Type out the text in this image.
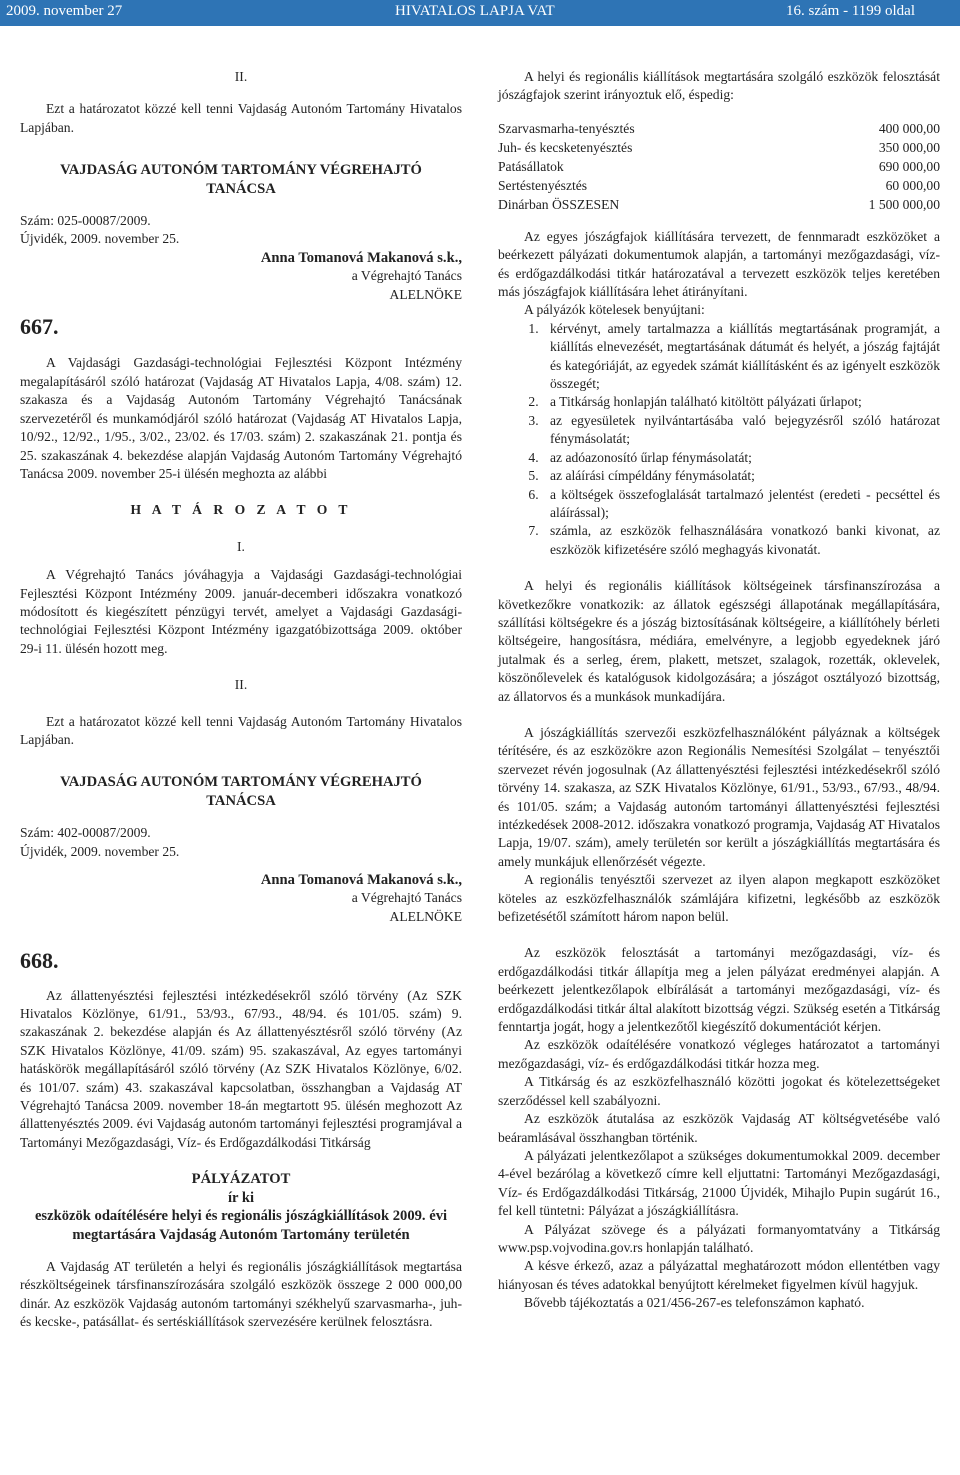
2009. november 27	HIVATALOS LAPJA VAT	16. szám - 1199 oldal

II.

Ezt a határozatot közzé kell tenni Vajdaság Autonóm Tartomány Hivatalos Lapjában.

VAJDASÁG AUTONÓM TARTOMÁNY VÉGREHAJTÓ

TANÁCSA

Szám: 025-00087/2009.

Újvidék, 2009. november 25.

Anna Tomanová Makanová s.k.,

a Végrehajtó Tanács

ALELNÖKE

667.

A Vajdasági Gazdasági-technológiai Fejlesztési Központ Intézmény megalapításáról szóló határozat (Vajdaság AT Hivatalos Lapja, 4/08. szám) 12. szakasza és a Vajdaság Autonóm Tartomány Végrehajtó Tanácsának szervezetéről és munkamódjáról szóló határozat (Vajdaság AT Hivatalos Lapja, 10/92., 12/92., 1/95., 3/02., 23/02. és 17/03. szám) 2. szakaszának 21. pontja és 25. szakaszának 4. bekezdése alapján Vajdaság Autonóm Tartomány Végrehajtó Tanácsa 2009. november 25-i ülésén meghozta az alábbi

H A T Á R O Z A T O T

I.

A Végrehajtó Tanács jóváhagyja a Vajdasági Gazdasági-technológiai Fejlesztési Központ Intézmény 2009. január-decemberi időszakra vonatkozó módosított és kiegészített pénzügyi tervét, amelyet a Vajdasági Gazdasági-technológiai Fejlesztési Központ Intézmény igazgatóbizottsága 2009. október 29-i 11. ülésén hozott meg.

II.

Ezt a határozatot közzé kell tenni Vajdaság Autonóm Tartomány Hivatalos Lapjában.

VAJDASÁG AUTONÓM TARTOMÁNY VÉGREHAJTÓ

TANÁCSA

Szám: 402-00087/2009.

Újvidék, 2009. november 25.

Anna Tomanová Makanová s.k.,

a Végrehajtó Tanács

ALELNÖKE

668.

Az állattenyésztési fejlesztési intézkedésekről szóló törvény (Az SZK Hivatalos Közlönye, 61/91., 53/93., 67/93., 48/94. és 101/05. szám) 9. szakaszának 2. bekezdése alapján és Az állattenyésztésről szóló törvény (Az SZK Hivatalos Közlönye, 41/09. szám) 95. szakaszával, Az egyes tartományi hatáskörök megállapításáról szóló törvény (Az SZK Hivatalos Közlönye, 6/02. és 101/07. szám) 43. szakaszával kapcsolatban, összhangban a Vajdaság AT Végrehajtó Tanácsa 2009. november 18-án megtartott 95. ülésén meghozott Az állattenyésztés 2009. évi Vajdaság autonóm tartományi fejlesztési programjával a Tartományi Mezőgazdasági, Víz- és Erdőgazdálkodási Titkárság

PÁLYÁZATOT

ír ki

eszközök odaítélésére helyi és regionális jószágkiállítások 2009. évi megtartására Vajdaság Autonóm Tartomány területén

A Vajdaság AT területén a helyi és regionális jószágkiállítások megtartása részköltségeinek társfinanszírozására szolgáló eszközök összege 2 000 000,00 dinár. Az eszközök Vajdaság autonóm tartományi székhelyű szarvasmarha-, juh- és kecske-, patásállat- és sertéskiállítások szervezésére kerülnek felosztásra.

A helyi és regionális kiállítások megtartására szolgáló eszközök felosztását jószágfajok szerint irányoztuk elő, éspedig:

Szarvasmarha-tenyésztés	400 000,00
Juh- és kecsketenyésztés	350 000,00
Patásállatok	690 000,00
Sertéstenyésztés	60 000,00
Dinárban ÖSSZESEN	1 500 000,00

Az egyes jószágfajok kiállítására tervezett, de fennmaradt eszközöket a beérkezett pályázati dokumentumok alapján, a tartományi mezőgazdasági, víz- és erdőgazdálkodási titkár határozatával a tervezett eszközök teljes keretében más jószágfajok kiállítására lehet átirányítani.

A pályázók kötelesek benyújtani:

1. kérvényt, amely tartalmazza a kiállítás megtartásának programját, a kiállítás elnevezését, megtartásának dátumát és helyét, a jószág fajtáját és kategóriáját, az egyedek számát kiállításként és az igényelt eszközök összegét;
2. a Titkárság honlapján található kitöltött pályázati űrlapot;
3. az egyesületek nyilvántartásába való bejegyzésről szóló határozat fénymásolatát;
4. az adóazonosító űrlap fénymásolatát;
5. az aláírási címpéldány fénymásolatát;
6. a költségek összefoglalását tartalmazó jelentést (eredeti - pecséttel és aláírással);
7. számla, az eszközök felhasználására vonatkozó banki kivonat, az eszközök kifizetésére szóló meghagyás kivonatát.

A helyi és regionális kiállítások költségeinek társfinanszírozása a következőkre vonatkozik: az állatok egészségi állapotának megállapítására, szállítási költségekre és a jószág biztosításának költségeire, a kiállítóhely bérleti költségeire, hangosításra, médiára, emelvényre, a legjobb egyedeknek járó jutalmak és a serleg, érem, plakett, metszet, szalagok, rozetták, oklevelek, köszönőlevelek és katalógusok kidolgozására; a jószágot osztályozó bizottság, az állatorvos és a munkások munkadíjára.

A jószágkiállítás szervezői eszközfelhasználóként pályáznak a költségek térítésére, és az eszközökre azon Regionális Nemesítési Szolgálat – tenyésztői szervezet révén jogosulnak (Az állattenyésztési fejlesztési intézkedésekről szóló törvény 14. szakasza, az SZK Hivatalos Közlönye, 61/91., 53/93., 67/93., 48/94. és 101/05. szám; a Vajdaság autonóm tartományi állattenyésztési fejlesztési intézkedések 2008-2012. időszakra vonatkozó programja, Vajdaság AT Hivatalos Lapja, 19/07. szám), amely területén sor került a jószágkiállítás megtartására és amely munkájuk ellenőrzését végezte.

A regionális tenyésztői szervezet az ilyen alapon megkapott eszközöket köteles az eszközfelhasználók számlájára kifizetni, legkésőbb az eszközök befizetésétől számított három napon belül.

Az eszközök felosztását a tartományi mezőgazdasági, víz- és erdőgazdálkodási titkár állapítja meg a jelen pályázat eredményei alapján. A beérkezett jelentkezőlapok elbírálását a tartományi mezőgazdasági, víz- és erdőgazdálkodási titkár által alakított bizottság végzi. Szükség esetén a Titkárság fenntartja jogát, hogy a jelentkezőtől kiegészítő dokumentációt kérjen.

Az eszközök odaítélésére vonatkozó végleges határozatot a tartományi mezőgazdasági, víz- és erdőgazdálkodási titkár hozza meg.

A Titkárság és az eszközfelhasználó közötti jogokat és kötelezettségeket szerződéssel kell szabályozni.

Az eszközök átutalása az eszközök Vajdaság AT költségvetésébe való beáramlásával összhangban történik.

A pályázati jelentkezőlapot a szükséges dokumentumokkal 2009. december 4-ével bezárólag a következő címre kell eljuttatni: Tartományi Mezőgazdasági, Víz- és Erdőgazdálkodási Titkárság, 21000 Újvidék, Mihajlo Pupin sugárút 16., fel kell tüntetni: Pályázat a jószágkiállításra.

A Pályázat szövege és a pályázati formanyomtatvány a Titkárság www.psp.vojvodina.gov.rs honlapján található.

A késve érkező, azaz a pályázattal meghatározott módon ellentétben vagy hiányosan és téves adatokkal benyújtott kérelmeket figyelmen kívül hagyjuk.

Bővebb tájékoztatás a 021/456-267-es telefonszámon kapható.
